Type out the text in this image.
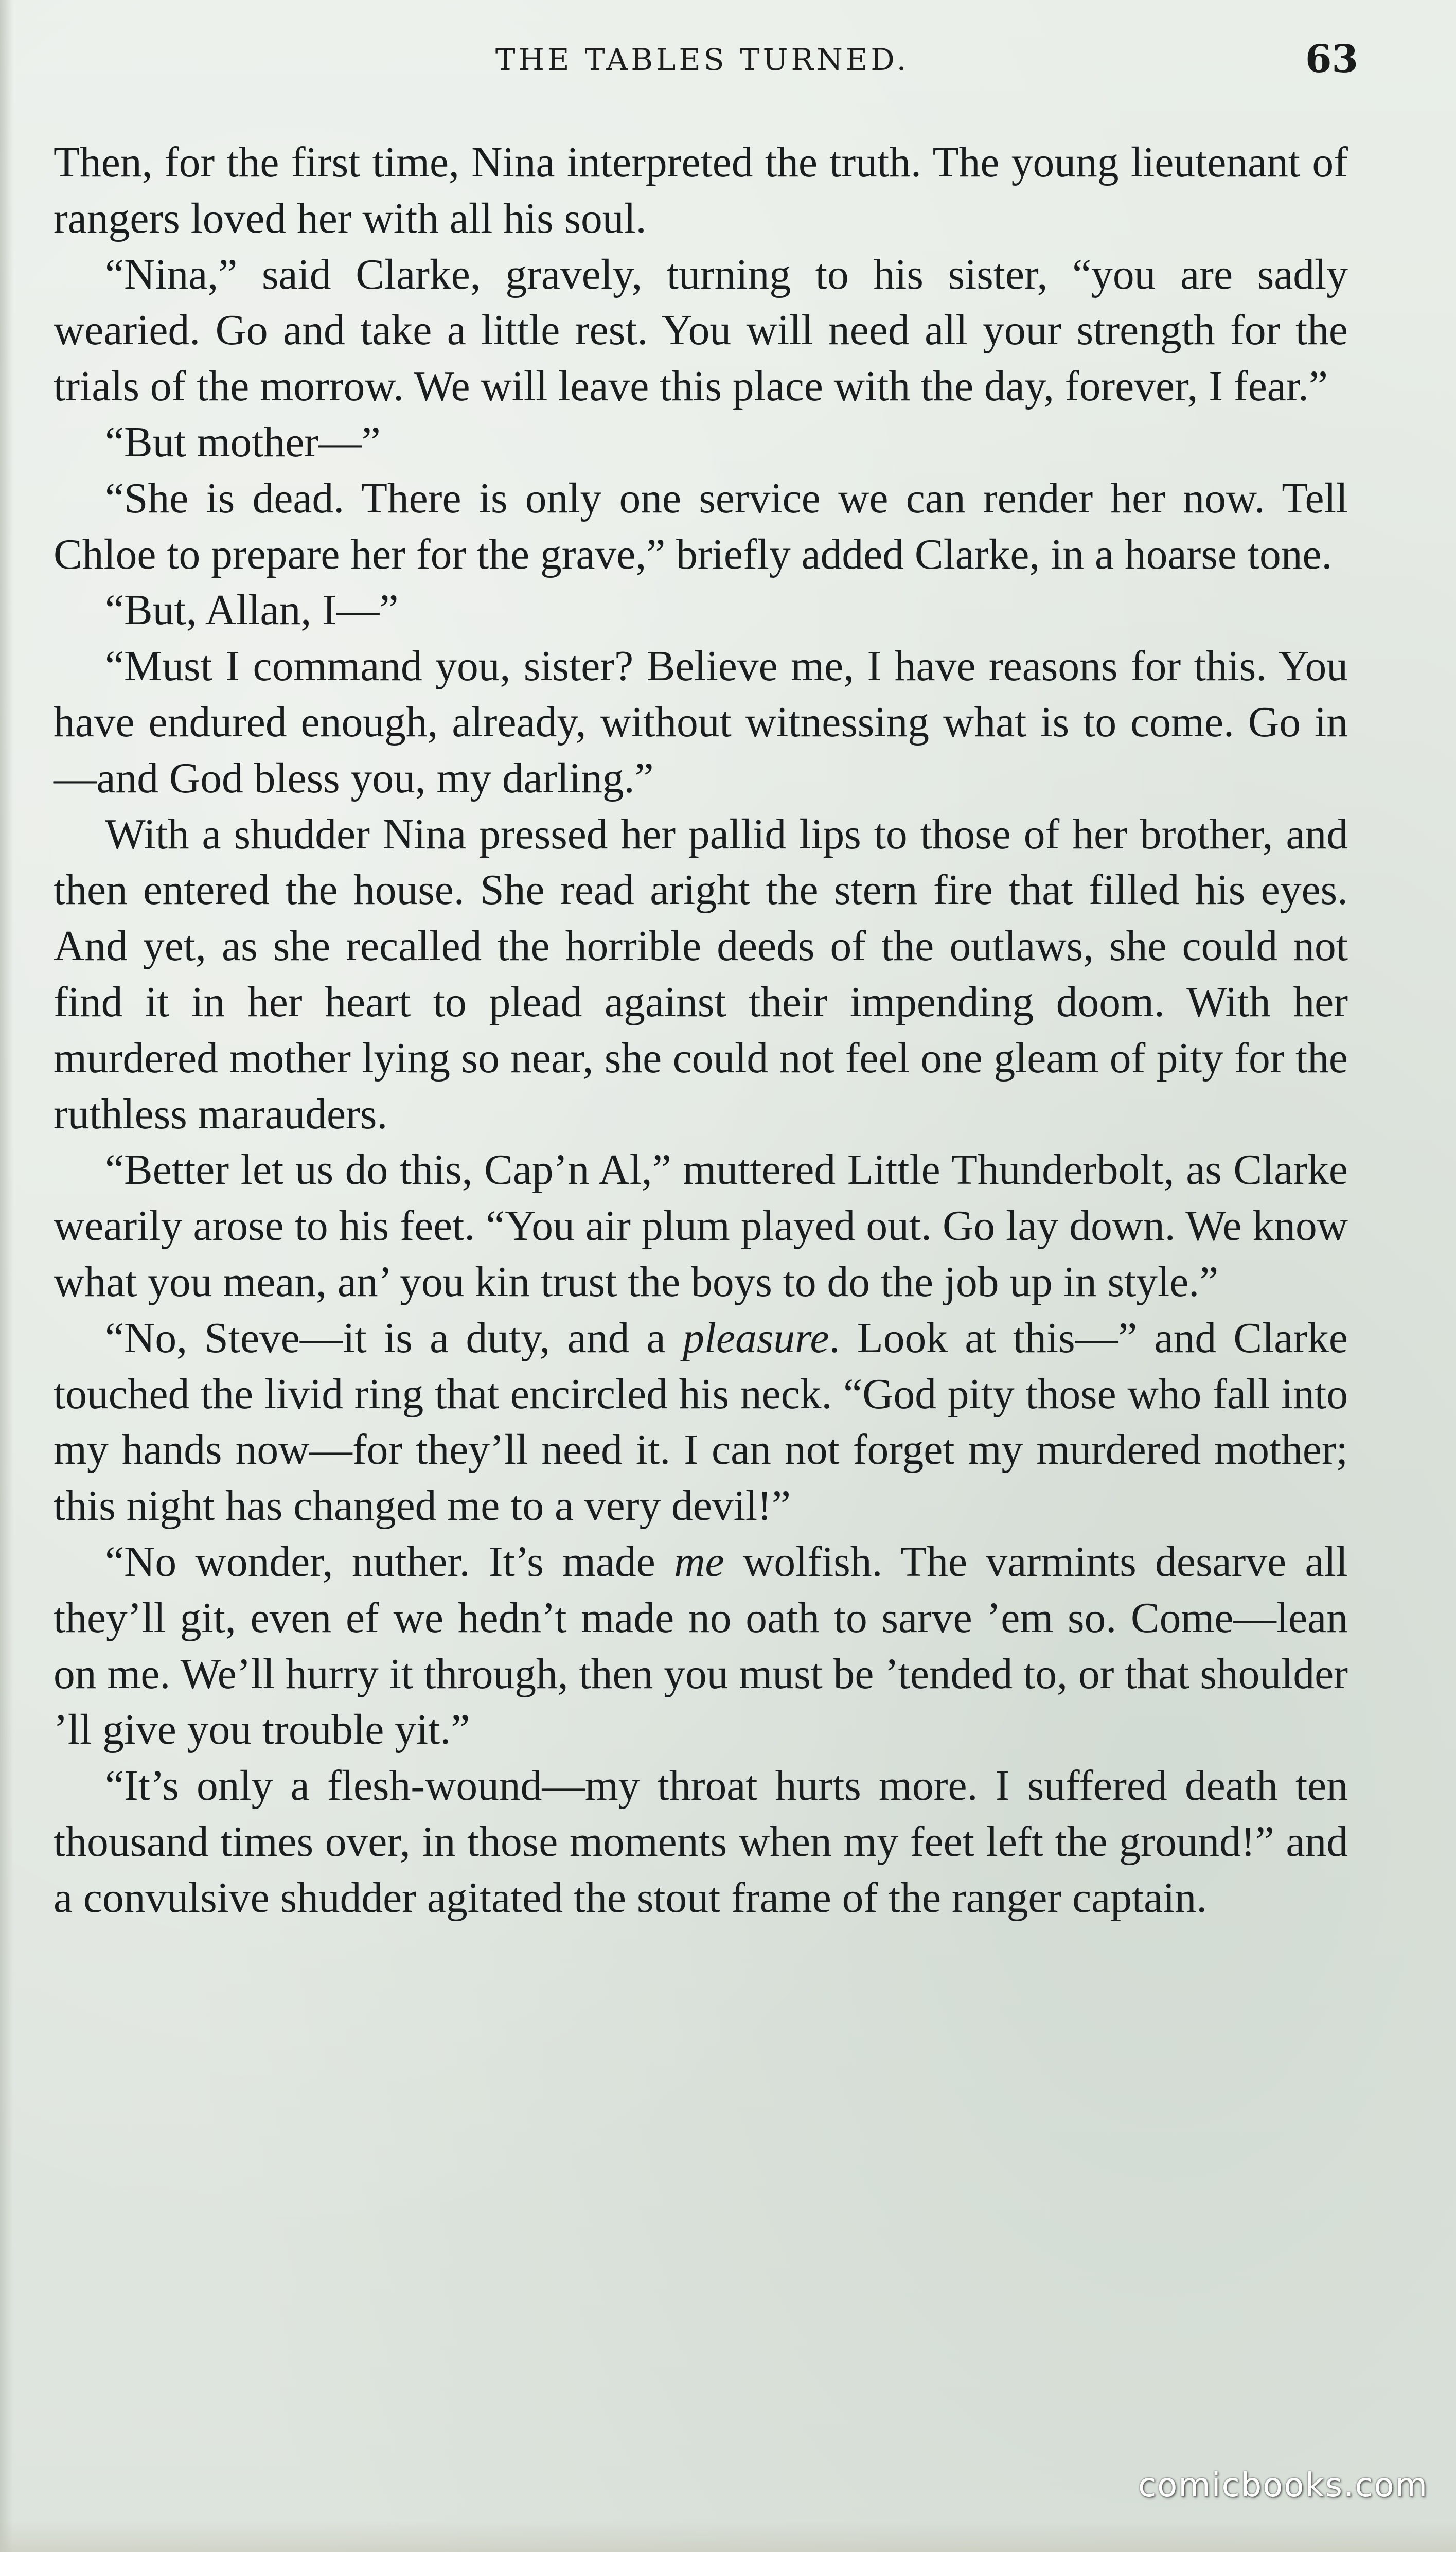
THE TABLES TURNED.	63

Then, for the first time, Nina interpreted the truth. The young lieutenant of rangers loved her with all his soul.

“Nina,” said Clarke, gravely, turning to his sister, “you are sadly wearied. Go and take a little rest. You will need all your strength for the trials of the morrow. We will leave this place with the day, forever, I fear.”

“But mother—”

“She is dead. There is only one service we can render her now. Tell Chloe to prepare her for the grave,” briefly added Clarke, in a hoarse tone.

“But, Allan, I—”

“Must I command you, sister? Believe me, I have reasons for this. You have endured enough, already, without witnessing what is to come. Go in—and God bless you, my darling.”

With a shudder Nina pressed her pallid lips to those of her brother, and then entered the house. She read aright the stern fire that filled his eyes. And yet, as she recalled the horrible deeds of the outlaws, she could not find it in her heart to plead against their impending doom. With her murdered mother lying so near, she could not feel one gleam of pity for the ruthless marauders.

“Better let us do this, Cap’n Al,” muttered Little Thunderbolt, as Clarke wearily arose to his feet. “You air plum played out. Go lay down. We know what you mean, an’ you kin trust the boys to do the job up in style.”

“No, Steve—it is a duty, and a pleasure. Look at this—” and Clarke touched the livid ring that encircled his neck. “God pity those who fall into my hands now—for they’ll need it. I can not forget my murdered mother; this night has changed me to a very devil!”

“No wonder, nuther. It’s made me wolfish. The varmints desarve all they’ll git, even ef we hedn’t made no oath to sarve ’em so. Come—lean on me. We’ll hurry it through, then you must be ’tended to, or that shoulder ’ll give you trouble yit.”

“It’s only a flesh-wound—my throat hurts more. I suffered death ten thousand times over, in those moments when my feet left the ground!” and a convulsive shudder agitated the stout frame of the ranger captain.

comicbooks.com
